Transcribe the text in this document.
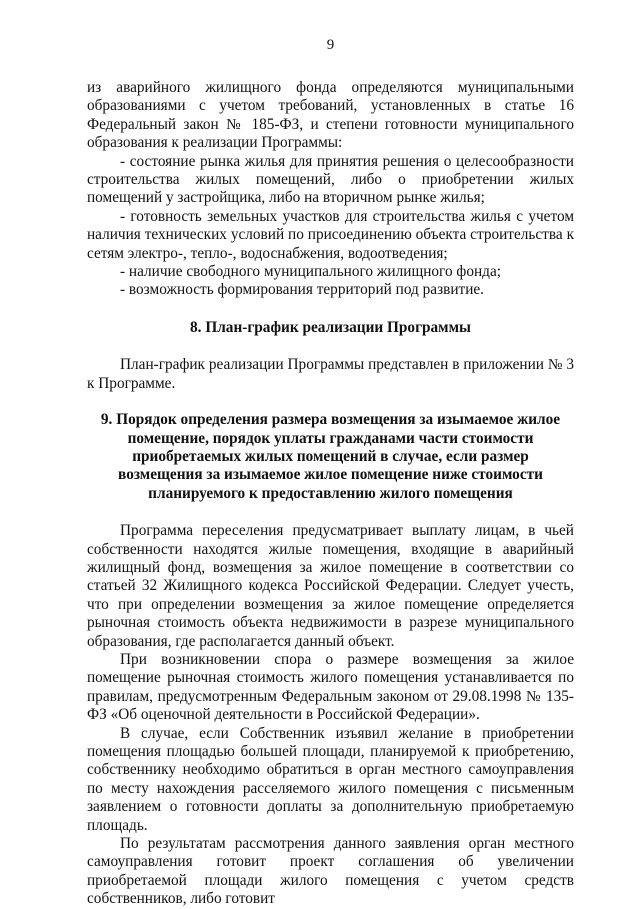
9

из аварийного жилищного фонда определяются муниципальными образованиями с учетом требований, установленных в статье 16 Федеральный закон № 185-ФЗ, и степени готовности муниципального образования к реализации Программы:

- состояние рынка жилья для принятия решения о целесообразности строительства жилых помещений, либо о приобретении жилых помещений у застройщика, либо на вторичном рынке жилья;

- готовность земельных участков для строительства жилья с учетом наличия технических условий по присоединению объекта строительства к сетям электро-, тепло-, водоснабжения, водоотведения;

- наличие свободного муниципального жилищного фонда;

- возможность формирования территорий под развитие.

8. План-график реализации Программы

План-график реализации Программы представлен в приложении № 3 к Программе.

9. Порядок определения размера возмещения за изымаемое жилое помещение, порядок уплаты гражданами части стоимости приобретаемых жилых помещений в случае, если размер возмещения за изымаемое жилое помещение ниже стоимости планируемого к предоставлению жилого помещения

Программа переселения предусматривает выплату лицам, в чьей собственности находятся жилые помещения, входящие в аварийный жилищный фонд, возмещения за жилое помещение в соответствии со статьей 32 Жилищного кодекса Российской Федерации. Следует учесть, что при определении возмещения за жилое помещение определяется рыночная стоимость объекта недвижимости в разрезе муниципального образования, где располагается данный объект.

При возникновении спора о размере возмещения за жилое помещение рыночная стоимость жилого помещения устанавливается по правилам, предусмотренным Федеральным законом от 29.08.1998 № 135-ФЗ «Об оценочной деятельности в Российской Федерации».

В случае, если Собственник изъявил желание в приобретении помещения площадью большей площади, планируемой к приобретению, собственнику необходимо обратиться в орган местного самоуправления по месту нахождения расселяемого жилого помещения с письменным заявлением о готовности доплаты за дополнительную приобретаемую площадь.

По результатам рассмотрения данного заявления орган местного самоуправления готовит проект соглашения об увеличении приобретаемой площади жилого помещения с учетом средств собственников, либо готовит
